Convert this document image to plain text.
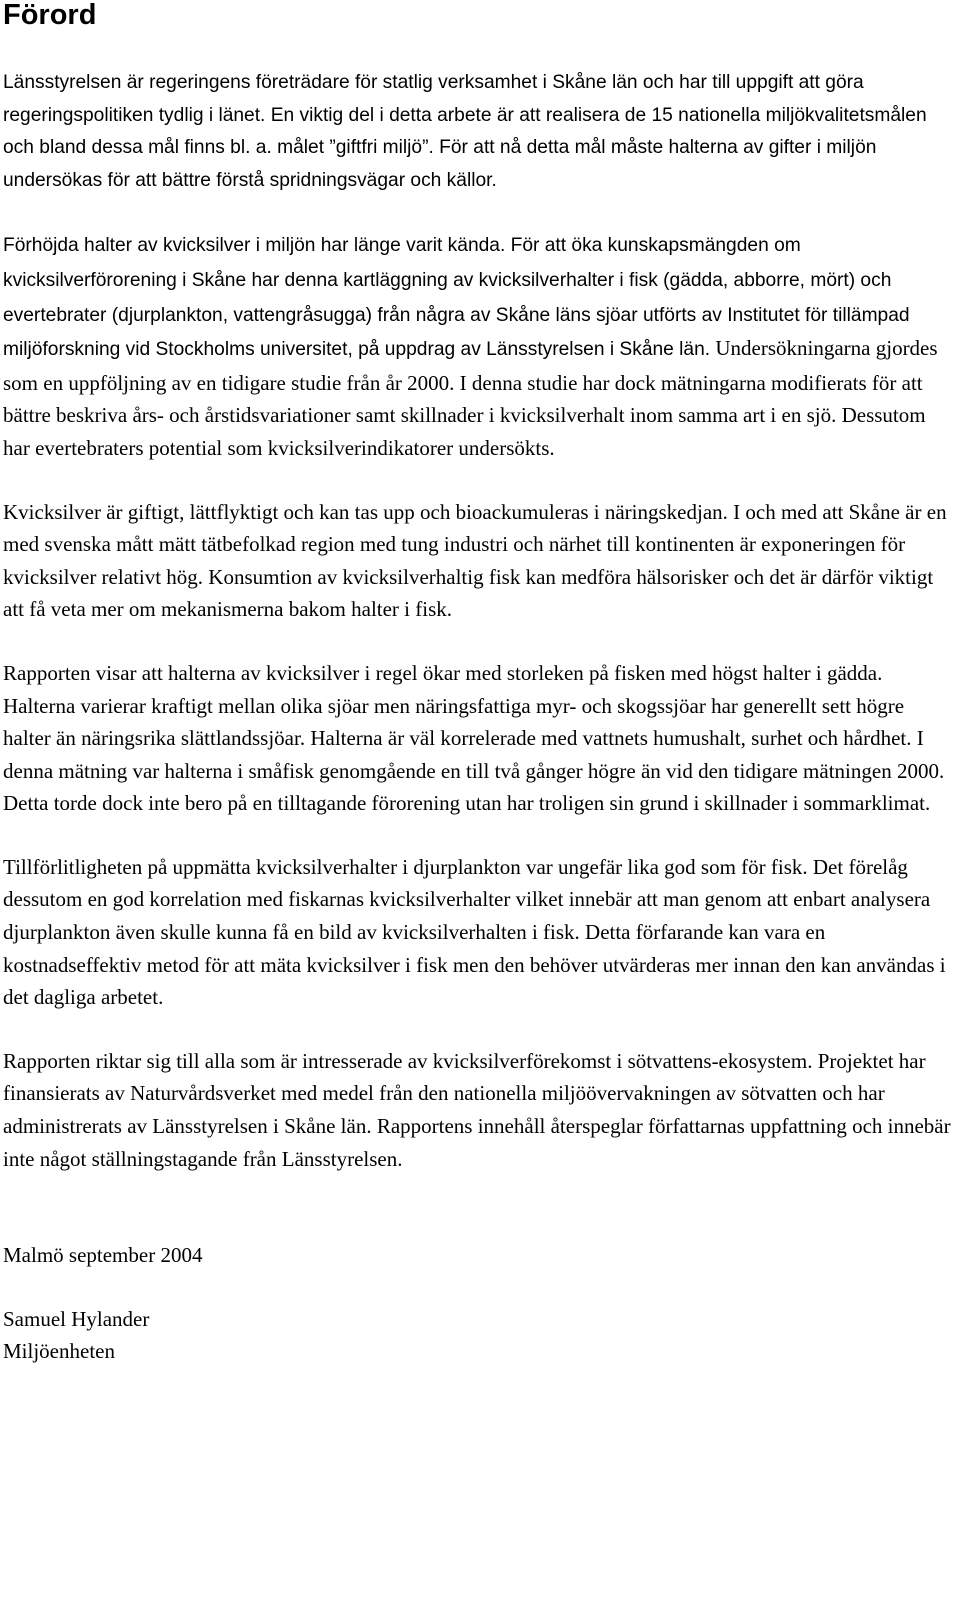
Förord

Länsstyrelsen är regeringens företrädare för statlig verksamhet i Skåne län och har till uppgift att göra regeringspolitiken tydlig i länet. En viktig del i detta arbete är att realisera de 15 nationella miljökvalitetsmålen och bland dessa mål finns bl. a. målet ”giftfri miljö”. För att nå detta mål måste halterna av gifter i miljön undersökas för att bättre förstå spridningsvägar och källor.

Förhöjda halter av kvicksilver i miljön har länge varit kända. För att öka kunskapsmängden om kvicksilverförorening i Skåne har denna kartläggning av kvicksilverhalter i fisk (gädda, abborre, mört) och evertebrater (djurplankton, vattengråsugga) från några av Skåne läns sjöar utförts av Institutet för tillämpad miljöforskning vid Stockholms universitet, på uppdrag av Länsstyrelsen i Skåne län. Undersökningarna gjordes som en uppföljning av en tidigare studie från år 2000. I denna studie har dock mätningarna modifierats för att bättre beskriva års- och årstidsvariationer samt skillnader i kvicksilverhalt inom samma art i en sjö. Dessutom har evertebraters potential som kvicksilverindikatorer undersökts.

Kvicksilver är giftigt, lättflyktigt och kan tas upp och bioackumuleras i näringskedjan. I och med att Skåne är en med svenska mått mätt tätbefolkad region med tung industri och närhet till kontinenten är exponeringen för kvicksilver relativt hög. Konsumtion av kvicksilverhaltig fisk kan medföra hälsorisker och det är därför viktigt att få veta mer om mekanismerna bakom halter i fisk.

Rapporten visar att halterna av kvicksilver i regel ökar med storleken på fisken med högst halter i gädda. Halterna varierar kraftigt mellan olika sjöar men näringsfattiga myr- och skogssjöar har generellt sett högre halter än näringsrika slättlandssjöar. Halterna är väl korrelerade med vattnets humushalt, surhet och hårdhet. I denna mätning var halterna i småfisk genomgående en till två gånger högre än vid den tidigare mätningen 2000. Detta torde dock inte bero på en tilltagande förorening utan har troligen sin grund i skillnader i sommarklimat.

Tillförlitligheten på uppmätta kvicksilverhalter i djurplankton var ungefär lika god som för fisk. Det förelåg dessutom en god korrelation med fiskarnas kvicksilverhalter vilket innebär att man genom att enbart analysera djurplankton även skulle kunna få en bild av kvicksilverhalten i fisk. Detta förfarande kan vara en kostnadseffektiv metod för att mäta kvicksilver i fisk men den behöver utvärderas mer innan den kan användas i det dagliga arbetet.

Rapporten riktar sig till alla som är intresserade av kvicksilverförekomst i sötvattens-ekosystem. Projektet har finansierats av Naturvårdsverket med medel från den nationella miljöövervakningen av sötvatten och har administrerats av Länsstyrelsen i Skåne län. Rapportens innehåll återspeglar författarnas uppfattning och innebär inte något ställningstagande från Länsstyrelsen.

Malmö september 2004

Samuel Hylander

Miljöenheten
